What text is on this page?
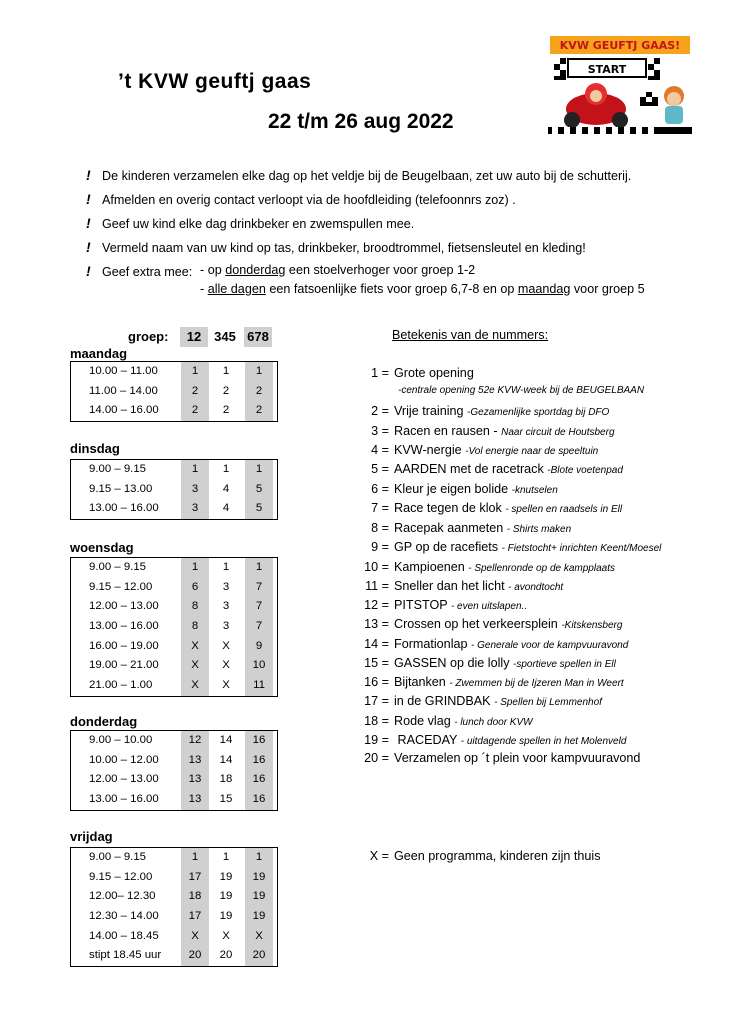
’t KVW geuftj gaas
22 t/m 26 aug 2022
KVW GEUFTJ GAAS!
START
! De kinderen verzamelen elke dag op het veldje bij de Beugelbaan, zet uw auto bij de schutterij.
! Afmelden en overig contact verloopt via de hoofdleiding (telefoonnrs zoz) .
! Geef uw kind elke dag drinkbeker en zwemspullen mee.
! Vermeld naam van uw kind op tas, drinkbeker, broodtrommel, fietsensleutel en kleding!
! Geef extra mee: - op donderdag een stoelverhoger voor groep 1-2
- alle dagen een fatsoenlijke fiets voor groep 6,7-8 en op maandag voor groep 5
groep:	12 345 678
maandag
10.00 – 11.00	1	1	1
11.00 – 14.00	2	2	2
14.00 – 16.00	2	2	2
dinsdag
9.00 – 9.15	1	1	1
9.15 – 13.00	3	4	5
13.00 – 16.00	3	4	5
woensdag
9.00 – 9.15	1	1	1
9.15 – 12.00	6	3	7
12.00 – 13.00	8	3	7
13.00 – 16.00	8	3	7
16.00 – 19.00	X	X	9
19.00 – 21.00	X	X	10
21.00 – 1.00	X	X	11
donderdag
9.00 – 10.00	12	14	16
10.00 – 12.00	13	14	16
12.00 – 13.00	13	18	16
13.00 – 16.00	13	15	16
vrijdag
9.00 – 9.15	1	1	1
9.15 – 12.00	17	19	19
12.00– 12.30	18	19	19
12.30 – 14.00	17	19	19
14.00 – 18.45	X	X	X
stipt 18.45 uur	20	20	20
Betekenis van de nummers:
1 = Grote opening
2 = Vrije training -Gezamenlijke sportdag bij DFO
3 = Racen en rausen - Naar circuit de Houtsberg
4 = KVW-nergie -Vol energie naar de speeltuin
5 = AARDEN met de racetrack -Blote voetenpad
6 = Kleur je eigen bolide -knutselen
7 = Race tegen de klok - spellen en raadsels in Ell
8 = Racepak aanmeten - Shirts maken
9 = GP op de racefiets - Fietstocht+ inrichten Keent/Moesel
10 = Kampioenen - Spellenronde op de kampplaats
11 = Sneller dan het licht - avondtocht
12 = PITSTOP - even uitslapen..
13 = Crossen op het verkeersplein -Kitskensberg
14 = Formationlap - Generale voor de kampvuuravond
15 = GASSEN op die lolly -sportieve spellen in Ell
16 = Bijtanken - Zwemmen bij de Ijzeren Man in Weert
17 = in de GRINDBAK - Spellen bij Lemmenhof
18 = Rode vlag - lunch door KVW
19 = RACEDAY - uitdagende spellen in het Molenveld
20 = Verzamelen op ´t plein voor kampvuuravond
-centrale opening 52e KVW-week bij de BEUGELBAAN
X = Geen programma, kinderen zijn thuis
